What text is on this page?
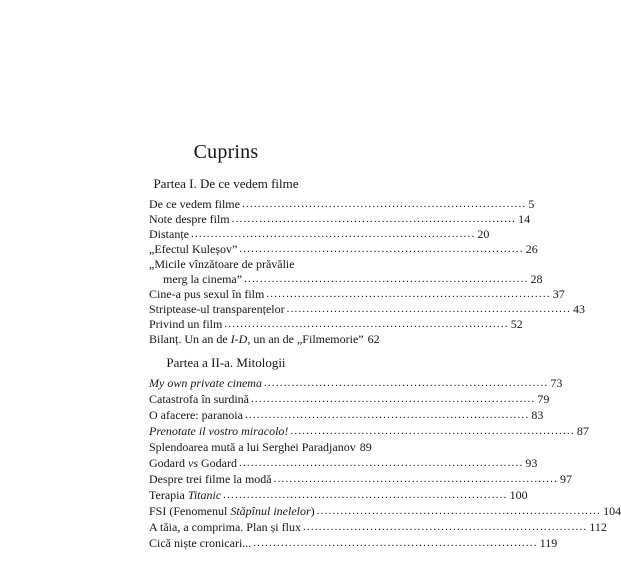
Cuprins
Partea I. De ce vedem filme
De ce vedem filme ........................................................................ 5
Note despre film ........................................................................ 14
Distanțe ........................................................................ 20
„Efectul Kuleșov” ........................................................................ 26
„Micile vînzătoare de prăvălie
merg la cinema” ........................................................................ 28
Cine-a pus sexul în film ........................................................................ 37
Striptease-ul transparențelor ........................................................................ 43
Privind un film ........................................................................ 52
Bilanț. Un an de I-D, un an de „Filmemorie” 62
Partea a II-a. Mitologii
My own private cinema ........................................................................ 73
Catastrofa în surdină ........................................................................ 79
O afacere: paranoia ........................................................................ 83
Prenotate il vostro miracolo! ........................................................................ 87
Splendoarea mută a lui Serghei Paradjanov 89
Godard vs Godard ........................................................................ 93
Despre trei filme la modă ........................................................................ 97
Terapia Titanic ........................................................................ 100
FSI (Fenomenul Stăpînul inelelor) ........................................................................ 104
A tăia, a comprima. Plan și flux ........................................................................ 112
Cică niște cronicari... ........................................................................ 119
